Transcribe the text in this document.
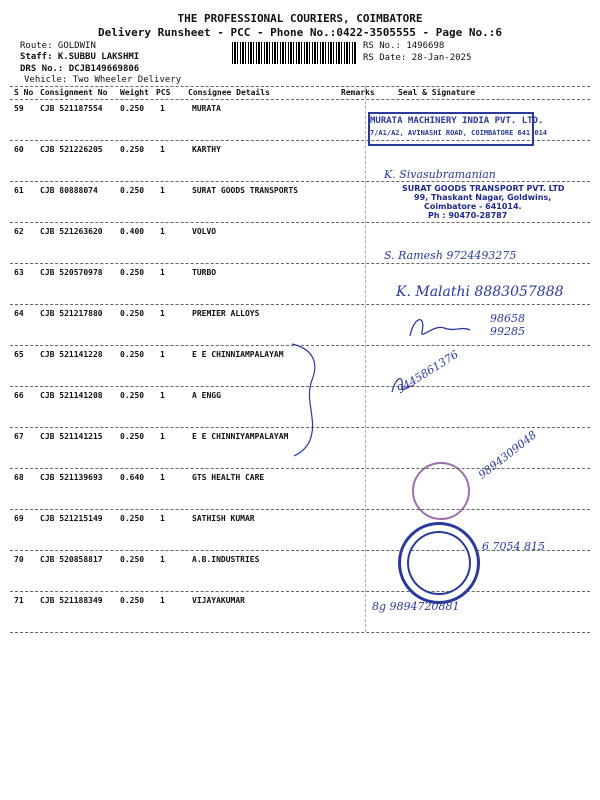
THE PROFESSIONAL COURIERS, COIMBATORE
Delivery Runsheet - PCC - Phone No.:0422-3505555 - Page No.:6
Route: GOLDWIN
Staff: K.SUBBU LAKSHMI
DRS No.: DCJB149669806
Vehicle: Two Wheeler Delivery
RS No.: 1496698
RS Date: 28-Jan-2025
S No Consignment No Weight PCS Consignee Details	Remarks	Seal & Signature
59 CJB 521187554 0.250 1	MURATA
60 CJB 521226205 0.250 1	KARTHY
61 CJB 80888074	0.250 1	SURAT GOODS TRANSPORTS
62 CJB 521263620 0.400 1	VOLVO
63 CJB 520570978 0.250 1	TURBO
64 CJB 521217880 0.250 1	PREMIER ALLOYS
65 CJB 521141228 0.250 1	E E CHINNIAMPALAYAM
66 CJB 521141208 0.250 1	A ENGG
67 CJB 521141215 0.250 1	E E CHINNIYAMPALAYAM
68 CJB 521139693 0.640 1	GTS HEALTH CARE
69 CJB 521215149 0.250 1	SATHISH KUMAR
70 CJB 520858817 0.250 1	A.B.INDUSTRIES
71 CJB 521188349 0.250 1	VIJAYAKUMAR
MURATA MACHINERY INDIA PVT. LTD.
7/A1/A2, AVINASHI ROAD, COIMBATORE 641 014
K. Sivasubramanian
SURAT GOODS TRANSPORT PVT. LTD
99, Thaskant Nagar, Goldwins,
Coimbatore - 641014.
Ph : 90470-28787
S. Ramesh 9724493275
K. Malathi 8883057888
98658 99285
9445861376
9894309048
6 7054 815
8g 9894720881
